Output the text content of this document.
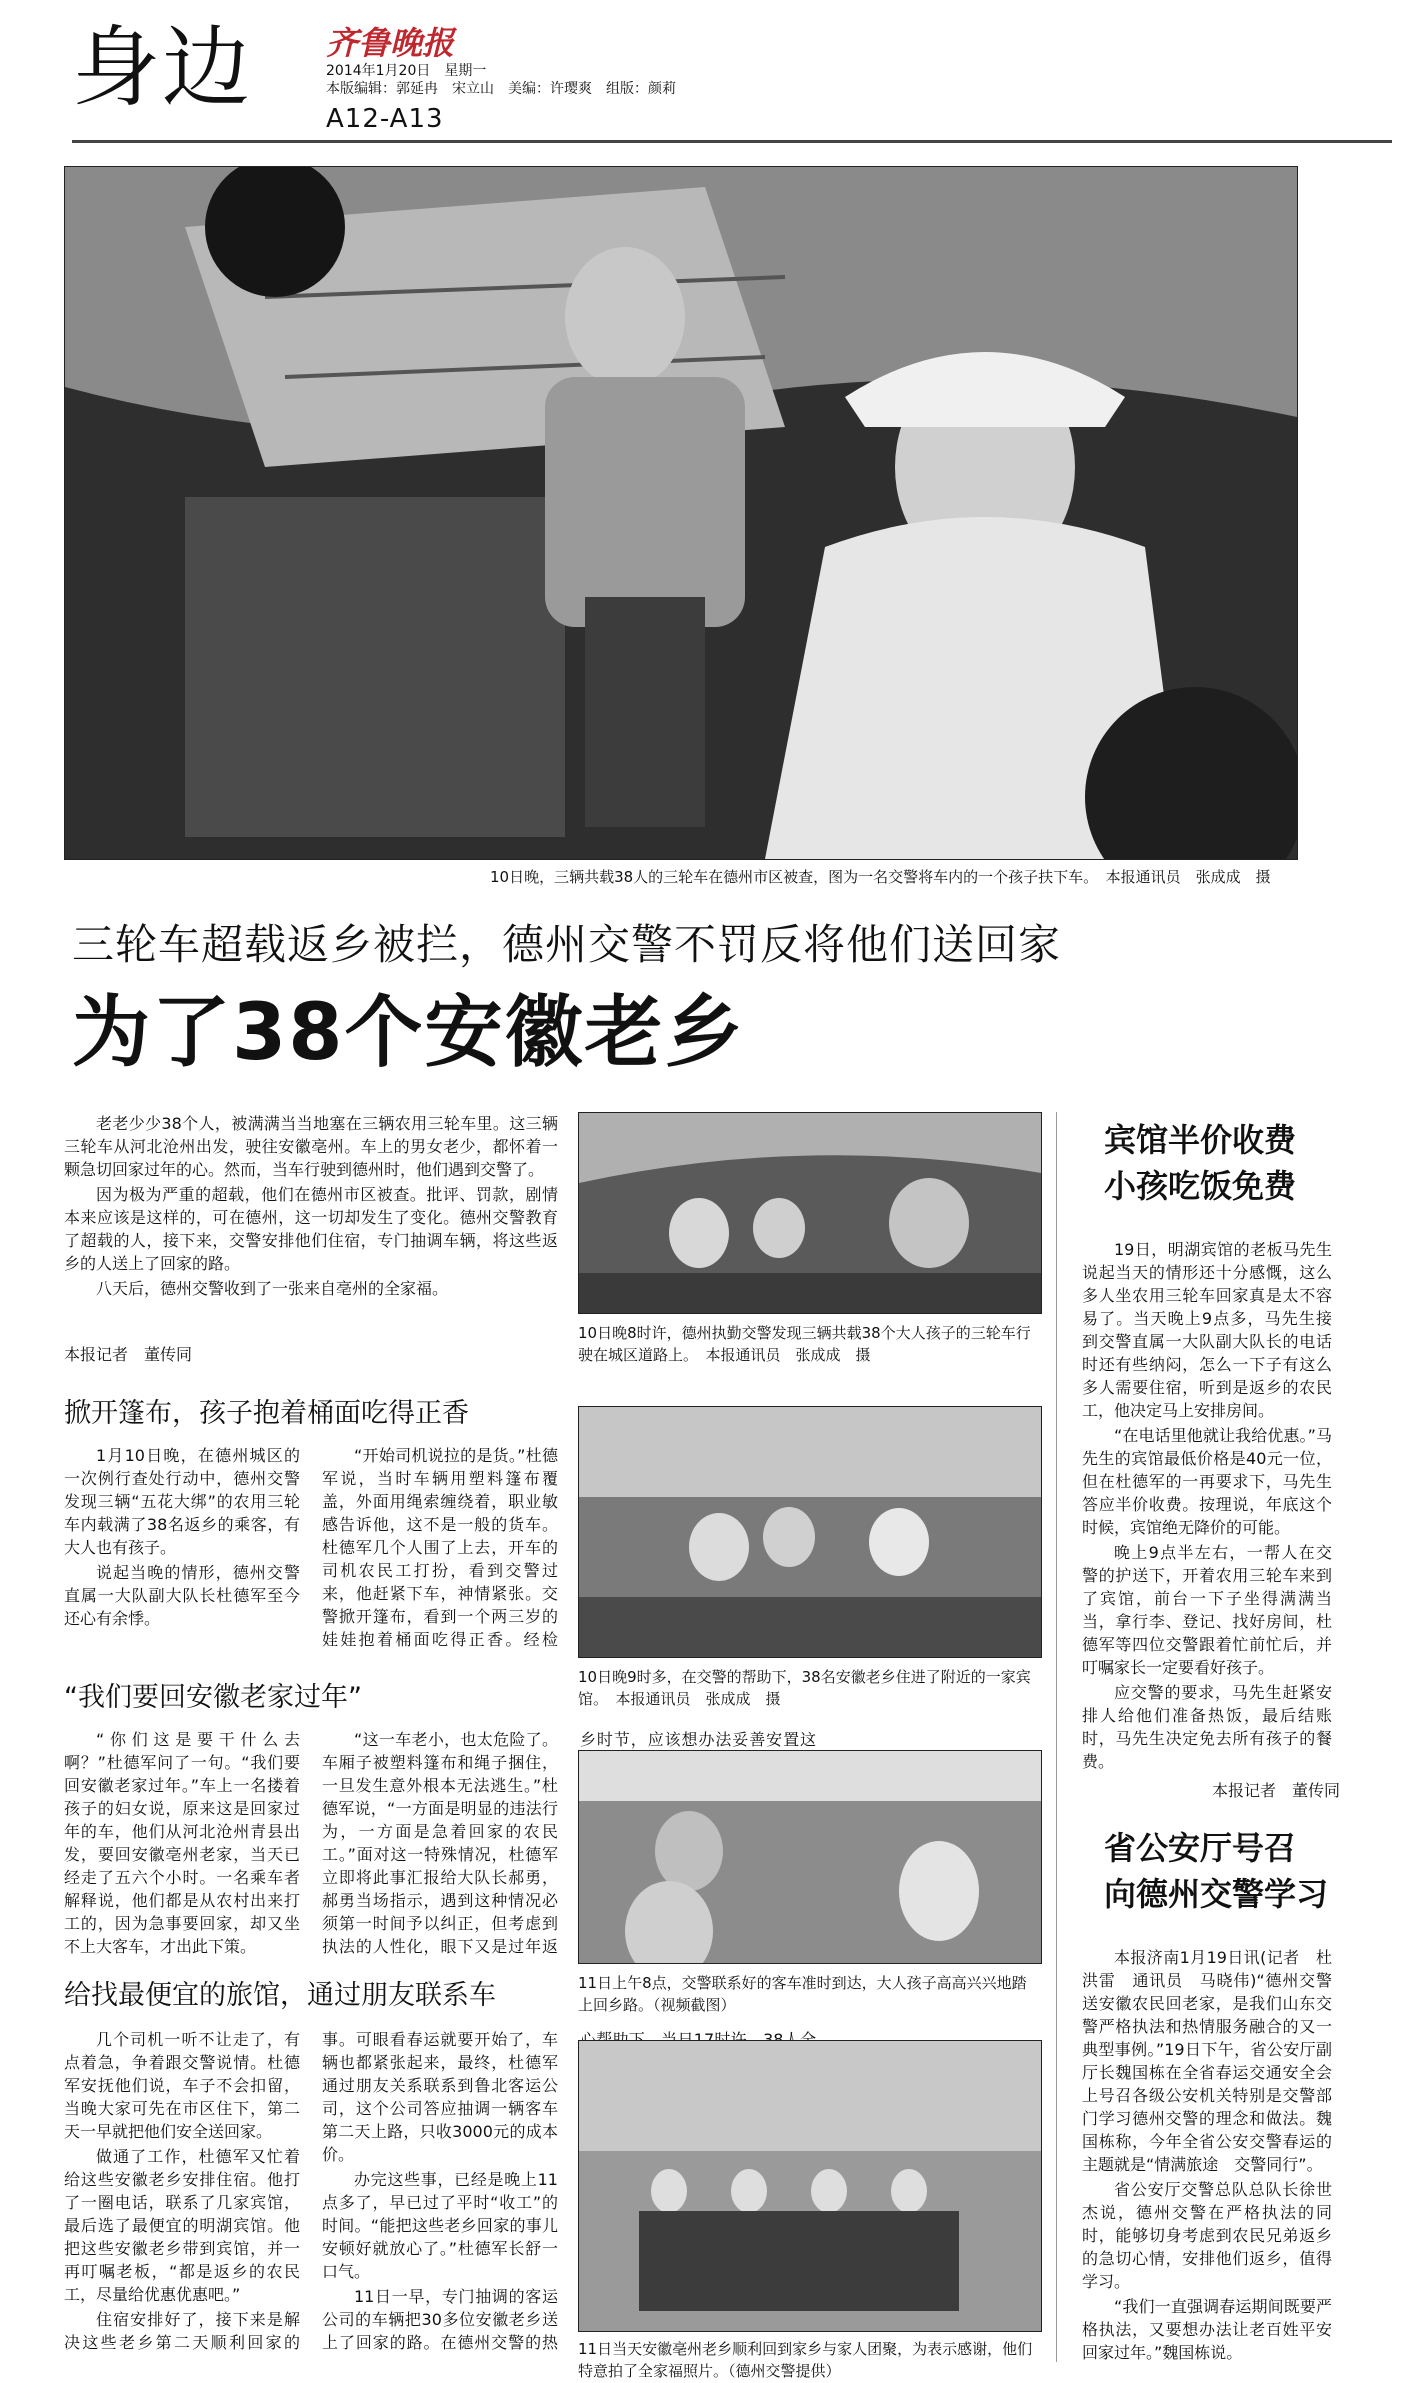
身边 齐鲁晚报
2014年1月20日　星期一
本版编辑：郭延冉　宋立山　美编：许璎爽　组版：颜莉
A12-A13
10日晚，三辆共载38人的三轮车在德州市区被查，图为一名交警将车内的一个孩子扶下车。　本报通讯员　张成成　摄
三轮车超载返乡被拦，德州交警不罚反将他们送回家
为了38个安徽老乡

老老少少38个人，被满满当当地塞在三辆农用三轮车里。这三辆三轮车从河北沧州出发，驶往安徽亳州。车上的男女老少，都怀着一颗急切回家过年的心。然而，当车行驶到德州时，他们遇到交警了。

因为极为严重的超载，他们在德州市区被查。批评、罚款，剧情本来应该是这样的，可在德州，这一切却发生了变化。德州交警教育了超载的人，接下来，交警安排他们住宿，专门抽调车辆，将这些返乡的人送上了回家的路。

八天后，德州交警收到了一张来自亳州的全家福。

本报记者　董传同
掀开篷布，孩子抱着桶面吃得正香

1月10日晚，在德州城区的一次例行查处行动中，德州交警发现三辆“五花大绑”的农用三轮车内载满了38名返乡的乘客，有大人也有孩子。

说起当晚的情形，德州交警直属一大队副大队长杜德军至今还心有余悸。

“开始司机说拉的是货。”杜德军说，当时车辆用塑料篷布覆盖，外面用绳索缠绕着，职业敏感告诉他，这不是一般的货车。杜德军几个人围了上去，开车的司机农民工打扮，看到交警过来，他赶紧下车，神情紧张。交警掀开篷布，看到一个两三岁的娃娃抱着桶面吃得正香。经检

“我们要回安徽老家过年”

“你们这是要干什么去啊？”杜德军问了一句。“我们要回安徽老家过年。”车上一名搂着孩子的妇女说，原来这是回家过年的车，他们从河北沧州青县出发，要回安徽亳州老家，当天已经走了五六个小时。一名乘车者解释说，他们都是从农村出来打工的，因为急事要回家，却又坐不上大客车，才出此下策。

“这一车老小，也太危险了。车厢子被塑料篷布和绳子捆住，一旦发生意外根本无法逃生。”杜德军说，“一方面是明显的违法行为，一方面是急着回家的农民工。”面对这一特殊情况，杜德军立即将此事汇报给大队长郝勇，郝勇当场指示，遇到这种情况必须第一时间予以纠正，但考虑到执法的人性化，眼下又是过年返乡时节，应该想办法妥善安置这

给找最便宜的旅馆，通过朋友联系车

几个司机一听不让走了，有点着急，争着跟交警说情。杜德军安抚他们说，车子不会扣留，当晚大家可先在市区住下，第二天一早就把他们安全送回家。

做通了工作，杜德军又忙着给这些安徽老乡安排住宿。他打了一圈电话，联系了几家宾馆，最后选了最便宜的明湖宾馆。他把这些安徽老乡带到宾馆，并一再叮嘱老板，“都是返乡的农民工，尽量给优惠优惠吧。”

住宿安排好了，接下来是解决这些老乡第二天顺利回家的事。可眼看春运就要开始了，车辆也都紧张起来，最终，杜德军通过朋友关系联系到鲁北客运公司，这个公司答应抽调一辆客车第二天上路，只收3000元的成本价。

办完这些事，已经是晚上11点多了，早已过了平时“收工”的时间。“能把这些老乡回家的事儿安顿好就放心了。”杜德军长舒一口气。

11日一早，专门抽调的客运公司的车辆把30多位安徽老乡送上了回家的路。在德州交警的热

10日晚8时许，德州执勤交警发现三辆共载38个大人孩子的三轮车行驶在城区道路上。　本报通讯员　张成成　摄
10日晚9时多，在交警的帮助下，38名安徽老乡住进了附近的一家宾馆。　本报通讯员　张成成　摄
11日上午8点，交警联系好的客车准时到达，大人孩子高高兴兴地踏上回乡路。（视频截图）
11日当天安徽亳州老乡顺利回到家乡与家人团聚，为表示感谢，他们特意拍了全家福照片。（德州交警提供）
宾馆半价收费
小孩吃饭免费

19日，明湖宾馆的老板马先生说起当天的情形还十分感慨，这么多人坐农用三轮车回家真是太不容易了。当天晚上9点多，马先生接到交警直属一大队副大队长的电话时还有些纳闷，怎么一下子有这么多人需要住宿，听到是返乡的农民工，他决定马上安排房间。

“在电话里他就让我给优惠。”马先生的宾馆最低价格是40元一位，但在杜德军的一再要求下，马先生答应半价收费。按理说，年底这个时候，宾馆绝无降价的可能。

晚上9点半左右，一帮人在交警的护送下，开着农用三轮车来到了宾馆，前台一下子坐得满满当当，拿行李、登记、找好房间，杜德军等四位交警跟着忙前忙后，并叮嘱家长一定要看好孩子。

应交警的要求，马先生赶紧安排人给他们准备热饭，最后结账时，马先生决定免去所有孩子的餐费。

本报记者　董传同
省公安厅号召
向德州交警学习

本报济南1月19日讯(记者　杜洪雷　通讯员　马晓伟)“德州交警送安徽农民回老家，是我们山东交警严格执法和热情服务融合的又一典型事例。”19日下午，省公安厅副厅长魏国栋在全省春运交通安全会上号召各级公安机关特别是交警部门学习德州交警的理念和做法。魏国栋称，今年全省公安交警春运的主题就是“情满旅途　交警同行”。

省公安厅交警总队总队长徐世杰说，德州交警在严格执法的同时，能够切身考虑到农民兄弟返乡的急切心情，安排他们返乡，值得学习。

“我们一直强调春运期间既要严格执法，又要想办法让老百姓平安回家过年。”魏国栋说。
